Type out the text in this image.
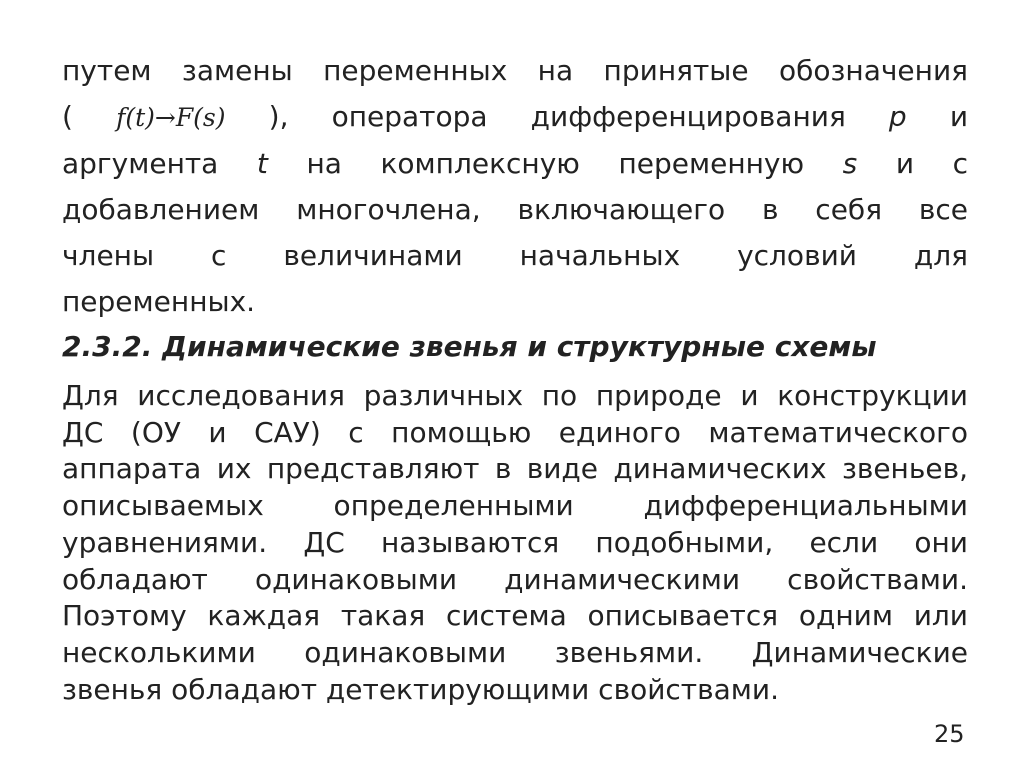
путем замены переменных на принятые обозначения
( f(t)→F(s) ), оператора дифференцирования p и
аргумента t на комплексную переменную s и с
добавлением многочлена, включающего в себя все
члены с величинами начальных условий для
переменных.
2.3.2. Динамические звенья и структурные схемы
Для исследования различных по природе и конструкции
ДС (ОУ и САУ) с помощью единого математического
аппарата их представляют в виде динамических звеньев,
описываемых определенными дифференциальными
уравнениями. ДС называются подобными, если они
обладают одинаковыми динамическими свойствами.
Поэтому каждая такая система описывается одним или
несколькими одинаковыми звеньями. Динамические
звенья обладают детектирующими свойствами.
25
